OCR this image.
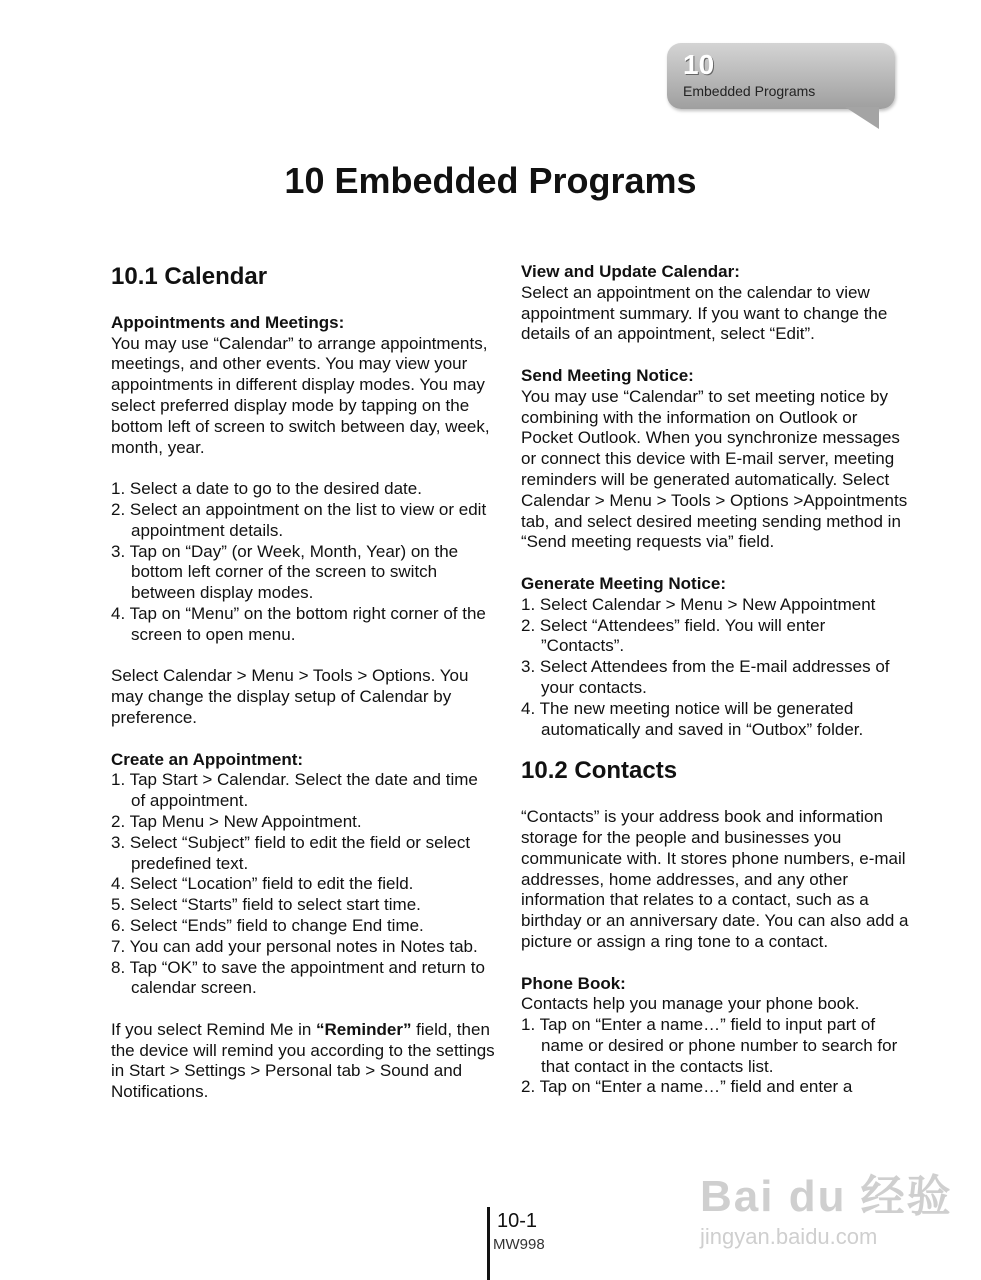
10
Embedded Programs
10 Embedded Programs

10.1 Calendar

Appointments and Meetings:

You may use “Calendar” to arrange appointments, meetings, and other events. You may view your appointments in different display modes. You may select preferred display mode by tapping on the bottom left of screen to switch between day, week, month, year.

1. Select a date to go to the desired date.
2. Select an appointment on the list to view or edit appointment details.
3. Tap on “Day” (or Week, Month, Year) on the bottom left corner of the screen to switch between display modes.
4. Tap on “Menu” on the bottom right corner of the screen to open menu.

Select Calendar > Menu > Tools > Options. You may change the display setup of Calendar by preference.

Create an Appointment:

1. Tap Start > Calendar. Select the date and time of appointment.
2. Tap Menu > New Appointment.
3. Select “Subject” field to edit the field or select predefined text.
4. Select “Location” field to edit the field.
5. Select “Starts” field to select start time.
6. Select “Ends” field to change End time.
7. You can add your personal notes in Notes tab.
8. Tap “OK” to save the appointment and return to calendar screen.

If you select Remind Me in “Reminder” field, then the device will remind you according to the settings in Start > Settings > Personal tab > Sound and Notifications.

View and Update Calendar:

Select an appointment on the calendar to view appointment summary. If you want to change the details of an appointment, select “Edit”.

Send Meeting Notice:

You may use “Calendar” to set meeting notice by combining with the information on Outlook or Pocket Outlook. When you synchronize messages or connect this device with E-mail server, meeting reminders will be generated automatically. Select Calendar > Menu > Tools > Options >Appointments tab, and select desired meeting sending method in “Send meeting requests via” field.

Generate Meeting Notice:

1. Select Calendar > Menu > New Appointment
2. Select “Attendees” field. You will enter ”Contacts”.
3. Select Attendees from the E-mail addresses of your contacts.
4. The new meeting notice will be generated automatically and saved in “Outbox” folder.

10.2 Contacts

“Contacts” is your address book and information storage for the people and businesses you communicate with. It stores phone numbers, e-mail addresses, home addresses, and any other information that relates to a contact, such as a birthday or an anniversary date. You can also add a picture or assign a ring tone to a contact.

Phone Book:

Contacts help you manage your phone book.

1. Tap on “Enter a name…” field to input part of name or desired or phone number to search for that contact in the contacts list.
2. Tap on “Enter a name…” field and enter a
10-1
MW998
Bai du 经验
jingyan.baidu.com
